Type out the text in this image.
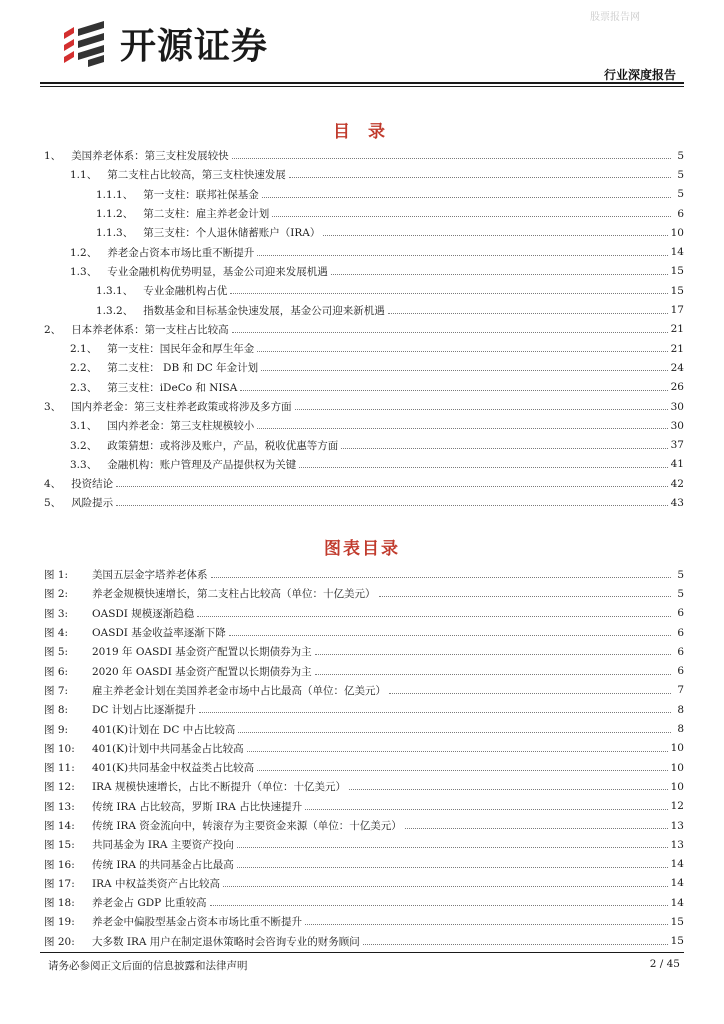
股票报告网
开源证券
行业深度报告
目 录
1、 美国养老体系：第三支柱发展较快	5
1.1、 第二支柱占比较高，第三支柱快速发展	5
1.1.1、 第一支柱：联邦社保基金	5
1.1.2、 第二支柱：雇主养老金计划	6
1.1.3、 第三支柱：个人退休储蓄账户（IRA）	10
1.2、 养老金占资本市场比重不断提升	14
1.3、 专业金融机构优势明显，基金公司迎来发展机遇	15
1.3.1、 专业金融机构占优	15
1.3.2、 指数基金和目标基金快速发展，基金公司迎来新机遇	17
2、 日本养老体系：第一支柱占比较高	21
2.1、 第一支柱：国民年金和厚生年金	21
2.2、 第二支柱： DB 和 DC 年金计划	24
2.3、 第三支柱：iDeCo 和 NISA	26
3、 国内养老金：第三支柱养老政策或将涉及多方面	30
3.1、 国内养老金：第三支柱规模较小	30
3.2、 政策猜想：或将涉及账户，产品，税收优惠等方面	37
3.3、 金融机构：账户管理及产品提供权为关键	41
4、 投资结论	42
5、 风险提示	43
图表目录
图 1:	美国五层金字塔养老体系	5
图 2:	养老金规模快速增长，第二支柱占比较高（单位：十亿美元）	5
图 3:	OASDI 规模逐渐趋稳	6
图 4:	OASDI 基金收益率逐渐下降	6
图 5:	2019 年 OASDI 基金资产配置以长期债券为主	6
图 6:	2020 年 OASDI 基金资产配置以长期债券为主	6
图 7:	雇主养老金计划在美国养老金市场中占比最高（单位：亿美元）	7
图 8:	DC 计划占比逐渐提升	8
图 9:	401(K)计划在 DC 中占比较高	8
图 10:	401(K)计划中共同基金占比较高	10
图 11:	401(K)共同基金中权益类占比较高	10
图 12:	IRA 规模快速增长，占比不断提升（单位：十亿美元）	10
图 13:	传统 IRA 占比较高，罗斯 IRA 占比快速提升	12
图 14:	传统 IRA 资金流向中，转滚存为主要资金来源（单位：十亿美元）	13
图 15:	共同基金为 IRA 主要资产投向	13
图 16:	传统 IRA 的共同基金占比最高	14
图 17:	IRA 中权益类资产占比较高	14
图 18:	养老金占 GDP 比重较高	14
图 19:	养老金中偏股型基金占资本市场比重不断提升	15
图 20:	大多数 IRA 用户在制定退休策略时会咨询专业的财务顾问	15
请务必参阅正文后面的信息披露和法律声明	2 / 45
